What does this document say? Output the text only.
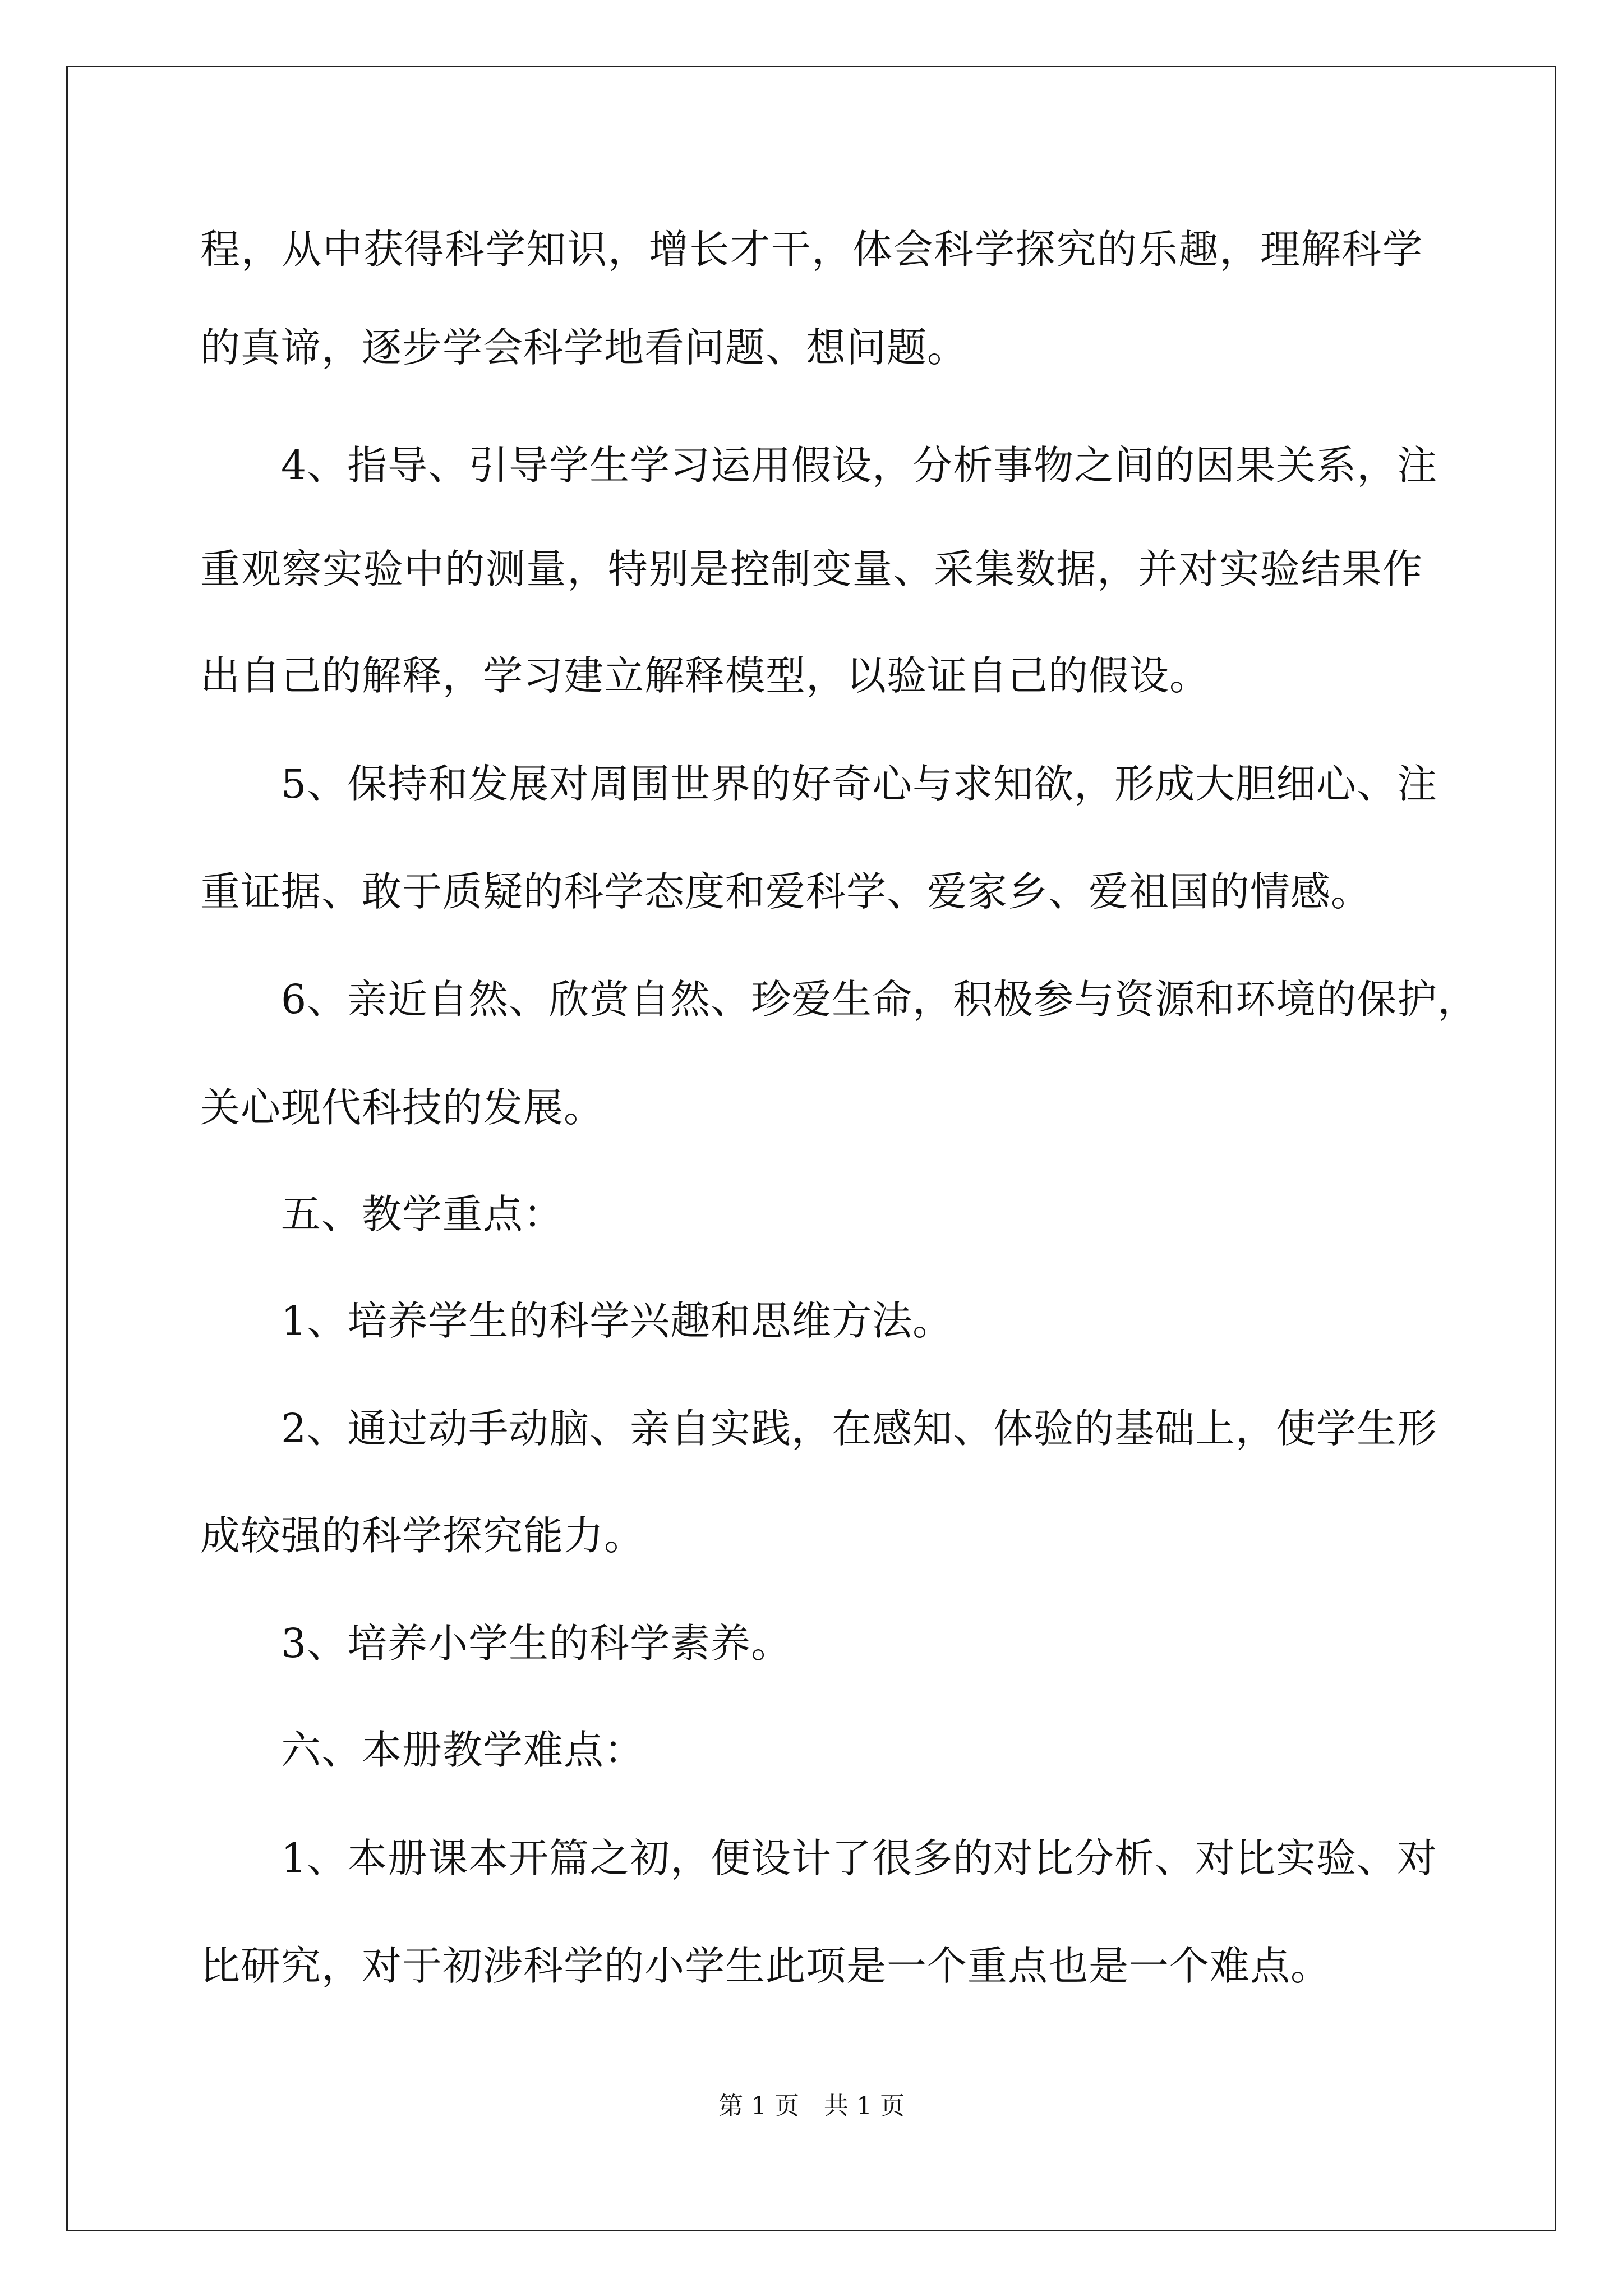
程，从中获得科学知识，增长才干，体会科学探究的乐趣，理解科学
的真谛，逐步学会科学地看问题、想问题。
　　4、指导、引导学生学习运用假设，分析事物之间的因果关系，注
重观察实验中的测量，特别是控制变量、采集数据，并对实验结果作
出自己的解释，学习建立解释模型，以验证自己的假设。
　　5、保持和发展对周围世界的好奇心与求知欲，形成大胆细心、注
重证据、敢于质疑的科学态度和爱科学、爱家乡、爱祖国的情感。
　　6、亲近自然、欣赏自然、珍爱生命，积极参与资源和环境的保护，
关心现代科技的发展。
　　五、教学重点：
　　1、培养学生的科学兴趣和思维方法。
　　2、通过动手动脑、亲自实践，在感知、体验的基础上，使学生形
成较强的科学探究能力。
　　3、培养小学生的科学素养。
　　六、本册教学难点：
　　1、本册课本开篇之初，便设计了很多的对比分析、对比实验、对
比研究，对于初涉科学的小学生此项是一个重点也是一个难点。
第 1 页　共 1 页
